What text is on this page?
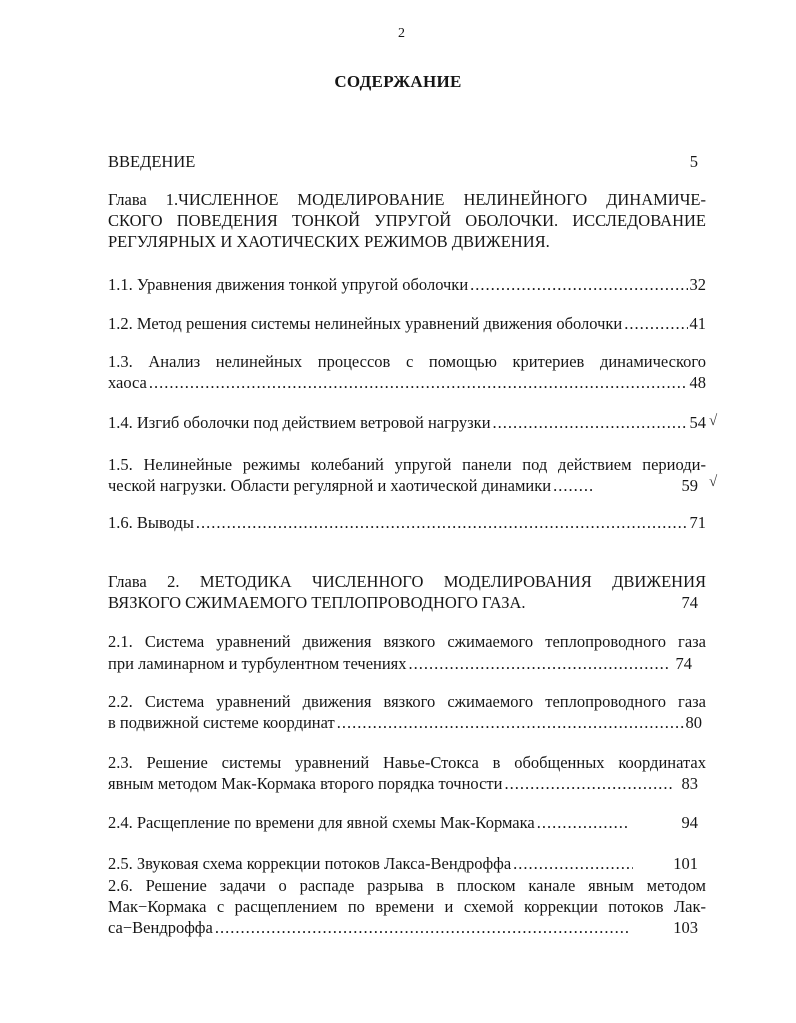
2
СОДЕРЖАНИЕ
ВВЕДЕНИЕ	5
Глава 1.ЧИСЛЕННОЕ МОДЕЛИРОВАНИЕ НЕЛИНЕЙНОГО ДИНАМИЧЕ-
СКОГО ПОВЕДЕНИЯ ТОНКОЙ УПРУГОЙ ОБОЛОЧКИ. ИССЛЕДОВАНИЕ
РЕГУЛЯРНЫХ И ХАОТИЧЕСКИХ РЕЖИМОВ ДВИЖЕНИЯ.
1.1. Уравнения движения тонкой упругой оболочки .....	32
1.2. Метод решения системы нелинейных уравнений движения оболочки .....	41
1.3. Анализ нелинейных процессов с помощью критериев динамического
хаоса .....	48
1.4. Изгиб оболочки под действием ветровой нагрузки .....	54 √
1.5. Нелинейные режимы колебаний упругой панели под действием периоди-
ческой нагрузки. Области регулярной и хаотической динамики .....	59 √
1.6. Выводы .....	71
Глава 2. МЕТОДИКА ЧИСЛЕННОГО МОДЕЛИРОВАНИЯ ДВИЖЕНИЯ
ВЯЗКОГО СЖИМАЕМОГО ТЕПЛОПРОВОДНОГО ГАЗА.	74
2.1. Система уравнений движения вязкого сжимаемого теплопроводного газа
при ламинарном и турбулентном течениях .....	74
2.2. Система уравнений движения вязкого сжимаемого теплопроводного газа
в подвижной системе координат .....	80
2.3. Решение системы уравнений Навье-Стокса в обобщенных координатах
явным методом Мак-Кормака второго порядка точности .....	83
2.4. Расщепление по времени для явной схемы Мак-Кормака .....	94
2.5. Звуковая схема коррекции потоков Лакса-Вендроффа .....	101
2.6. Решение задачи о распаде разрыва в плоском канале явным методом
Мак−Кормака с расщеплением по времени и схемой коррекции потоков Лак-
са−Вендроффа .....	103
